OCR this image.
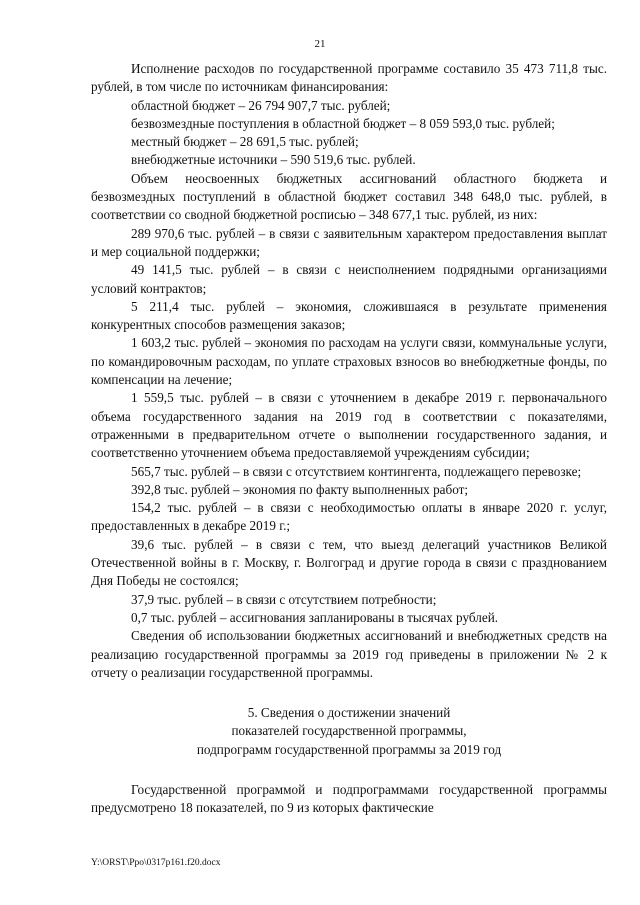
21

Исполнение расходов по государственной программе составило 35 473 711,8 тыс. рублей, в том числе по источникам финансирования:

областной бюджет – 26 794 907,7 тыс. рублей;

безвозмездные поступления в областной бюджет – 8 059 593,0 тыс. рублей;

местный бюджет – 28 691,5 тыс. рублей;

внебюджетные источники – 590 519,6 тыс. рублей.

Объем неосвоенных бюджетных ассигнований областного бюджета и безвозмездных поступлений в областной бюджет составил 348 648,0 тыс. рублей, в соответствии со сводной бюджетной росписью – 348 677,1 тыс. рублей, из них:

289 970,6 тыс. рублей – в связи с заявительным характером предоставления выплат и мер социальной поддержки;

49 141,5 тыс. рублей – в связи с неисполнением подрядными организациями условий контрактов;

5 211,4 тыс. рублей – экономия, сложившаяся в результате применения конкурентных способов размещения заказов;

1 603,2 тыс. рублей – экономия по расходам на услуги связи, коммунальные услуги, по командировочным расходам, по уплате страховых взносов во внебюджетные фонды, по компенсации на лечение;

1 559,5 тыс. рублей – в связи с уточнением в декабре 2019 г. первоначального объема государственного задания на 2019 год в соответствии с показателями, отраженными в предварительном отчете о выполнении государственного задания, и соответственно уточнением объема предоставляемой учреждениям субсидии;

565,7 тыс. рублей – в связи с отсутствием контингента, подлежащего перевозке;

392,8 тыс. рублей – экономия по факту выполненных работ;

154,2 тыс. рублей – в связи с необходимостью оплаты в январе 2020 г. услуг, предоставленных в декабре 2019 г.;

39,6 тыс. рублей – в связи с тем, что выезд делегаций участников Великой Отечественной войны в г. Москву, г. Волгоград и другие города в связи с празднованием Дня Победы не состоялся;

37,9 тыс. рублей – в связи с отсутствием потребности;

0,7 тыс. рублей – ассигнования запланированы в тысячах рублей.

Сведения об использовании бюджетных ассигнований и внебюджетных средств на реализацию государственной программы за 2019 год приведены в приложении № 2 к отчету о реализации государственной программы.

5. Сведения о достижении значений
показателей государственной программы,
подпрограмм государственной программы за 2019 год

Государственной программой и подпрограммами государственной программы предусмотрено 18 показателей, по 9 из которых фактические

Y:\ORST\Ppo\0317p161.f20.docx
